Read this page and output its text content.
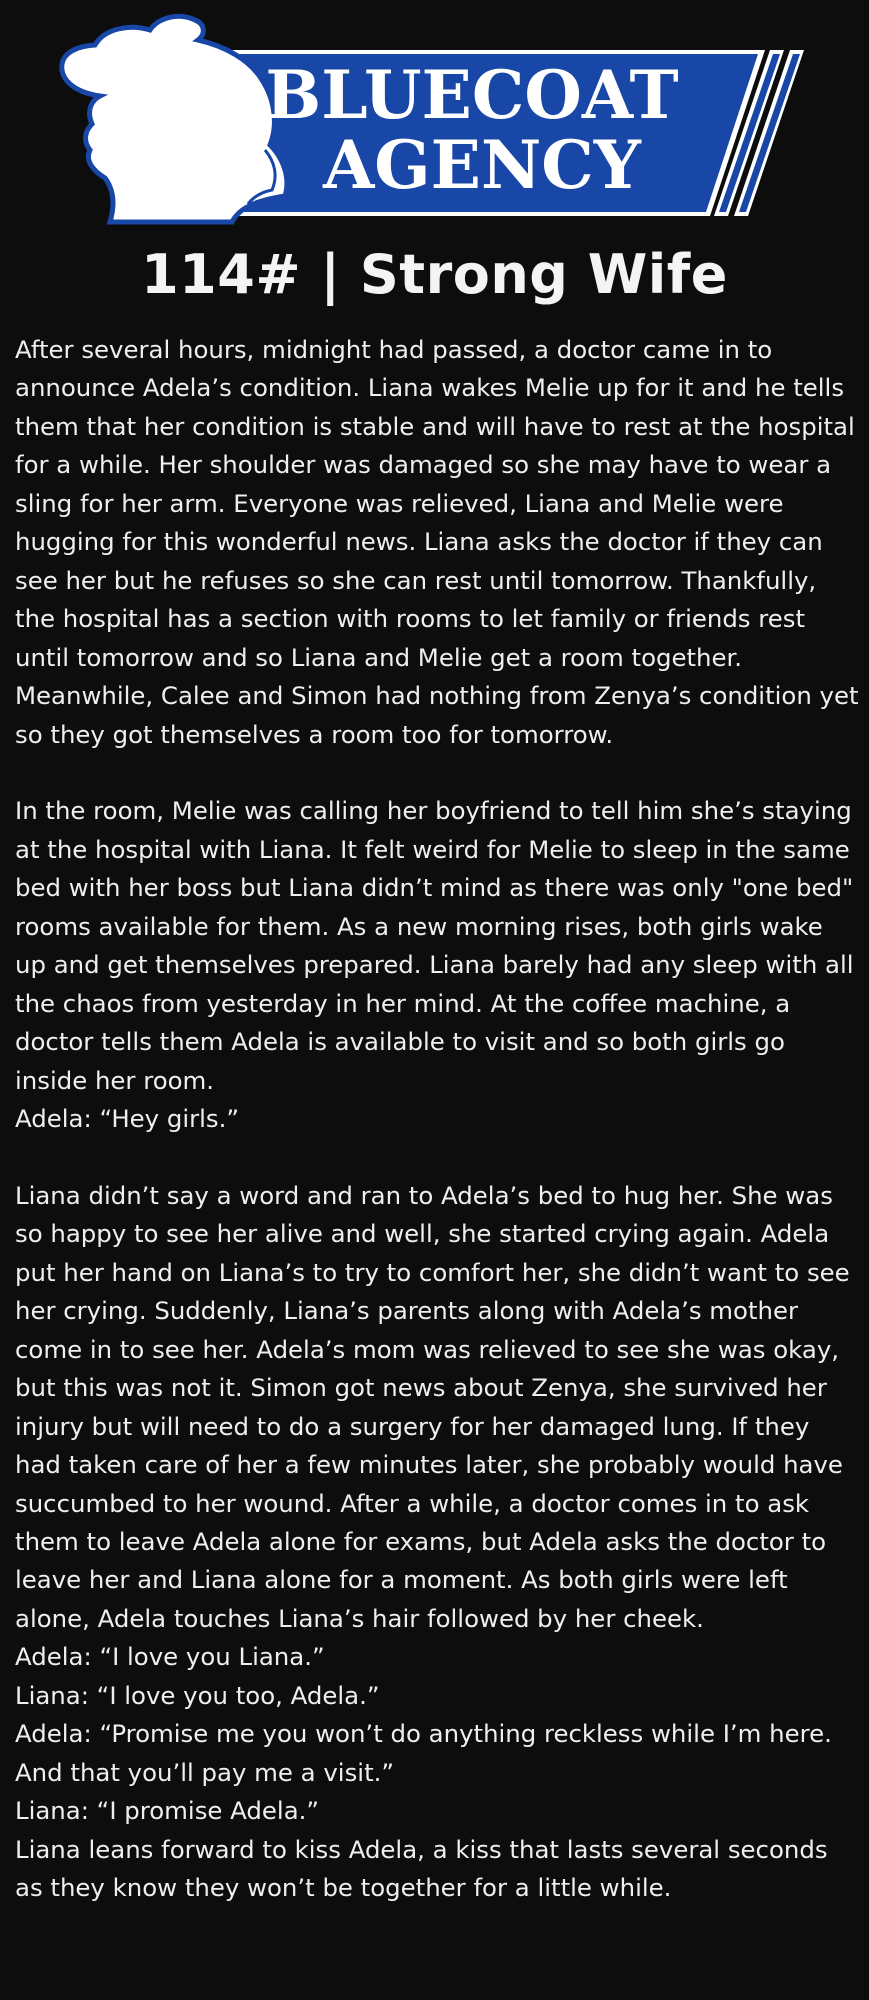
BLUECOAT
AGENCY
114# | Strong Wife

After several hours, midnight had passed, a doctor came in to announce Adela’s condition. Liana wakes Melie up for it and he tells them that her condition is stable and will have to rest at the hospital for a while. Her shoulder was damaged so she may have to wear a sling for her arm. Everyone was relieved, Liana and Melie were hugging for this wonderful news. Liana asks the doctor if they can see her but he refuses so she can rest until tomorrow. Thankfully, the hospital has a section with rooms to let family or friends rest until tomorrow and so Liana and Melie get a room together. Meanwhile, Calee and Simon had nothing from Zenya’s condition yet so they got themselves a room too for tomorrow.

In the room, Melie was calling her boyfriend to tell him she’s staying at the hospital with Liana. It felt weird for Melie to sleep in the same bed with her boss but Liana didn’t mind as there was only "one bed" rooms available for them. As a new morning rises, both girls wake up and get themselves prepared. Liana barely had any sleep with all the chaos from yesterday in her mind. At the coffee machine, a doctor tells them Adela is available to visit and so both girls go inside her room.

Adela: “Hey girls.”

Liana didn’t say a word and ran to Adela’s bed to hug her. She was so happy to see her alive and well, she started crying again. Adela put her hand on Liana’s to try to comfort her, she didn’t want to see her crying. Suddenly, Liana’s parents along with Adela’s mother come in to see her. Adela’s mom was relieved to see she was okay, but this was not it. Simon got news about Zenya, she survived her injury but will need to do a surgery for her damaged lung. If they had taken care of her a few minutes later, she probably would have succumbed to her wound. After a while, a doctor comes in to ask them to leave Adela alone for exams, but Adela asks the doctor to leave her and Liana alone for a moment. As both girls were left alone, Adela touches Liana’s hair followed by her cheek.

Adela: “I love you Liana.”

Liana: “I love you too, Adela.”

Adela: “Promise me you won’t do anything reckless while I’m here. And that you’ll pay me a visit.”

Liana: “I promise Adela.”

Liana leans forward to kiss Adela, a kiss that lasts several seconds as they know they won’t be together for a little while.
